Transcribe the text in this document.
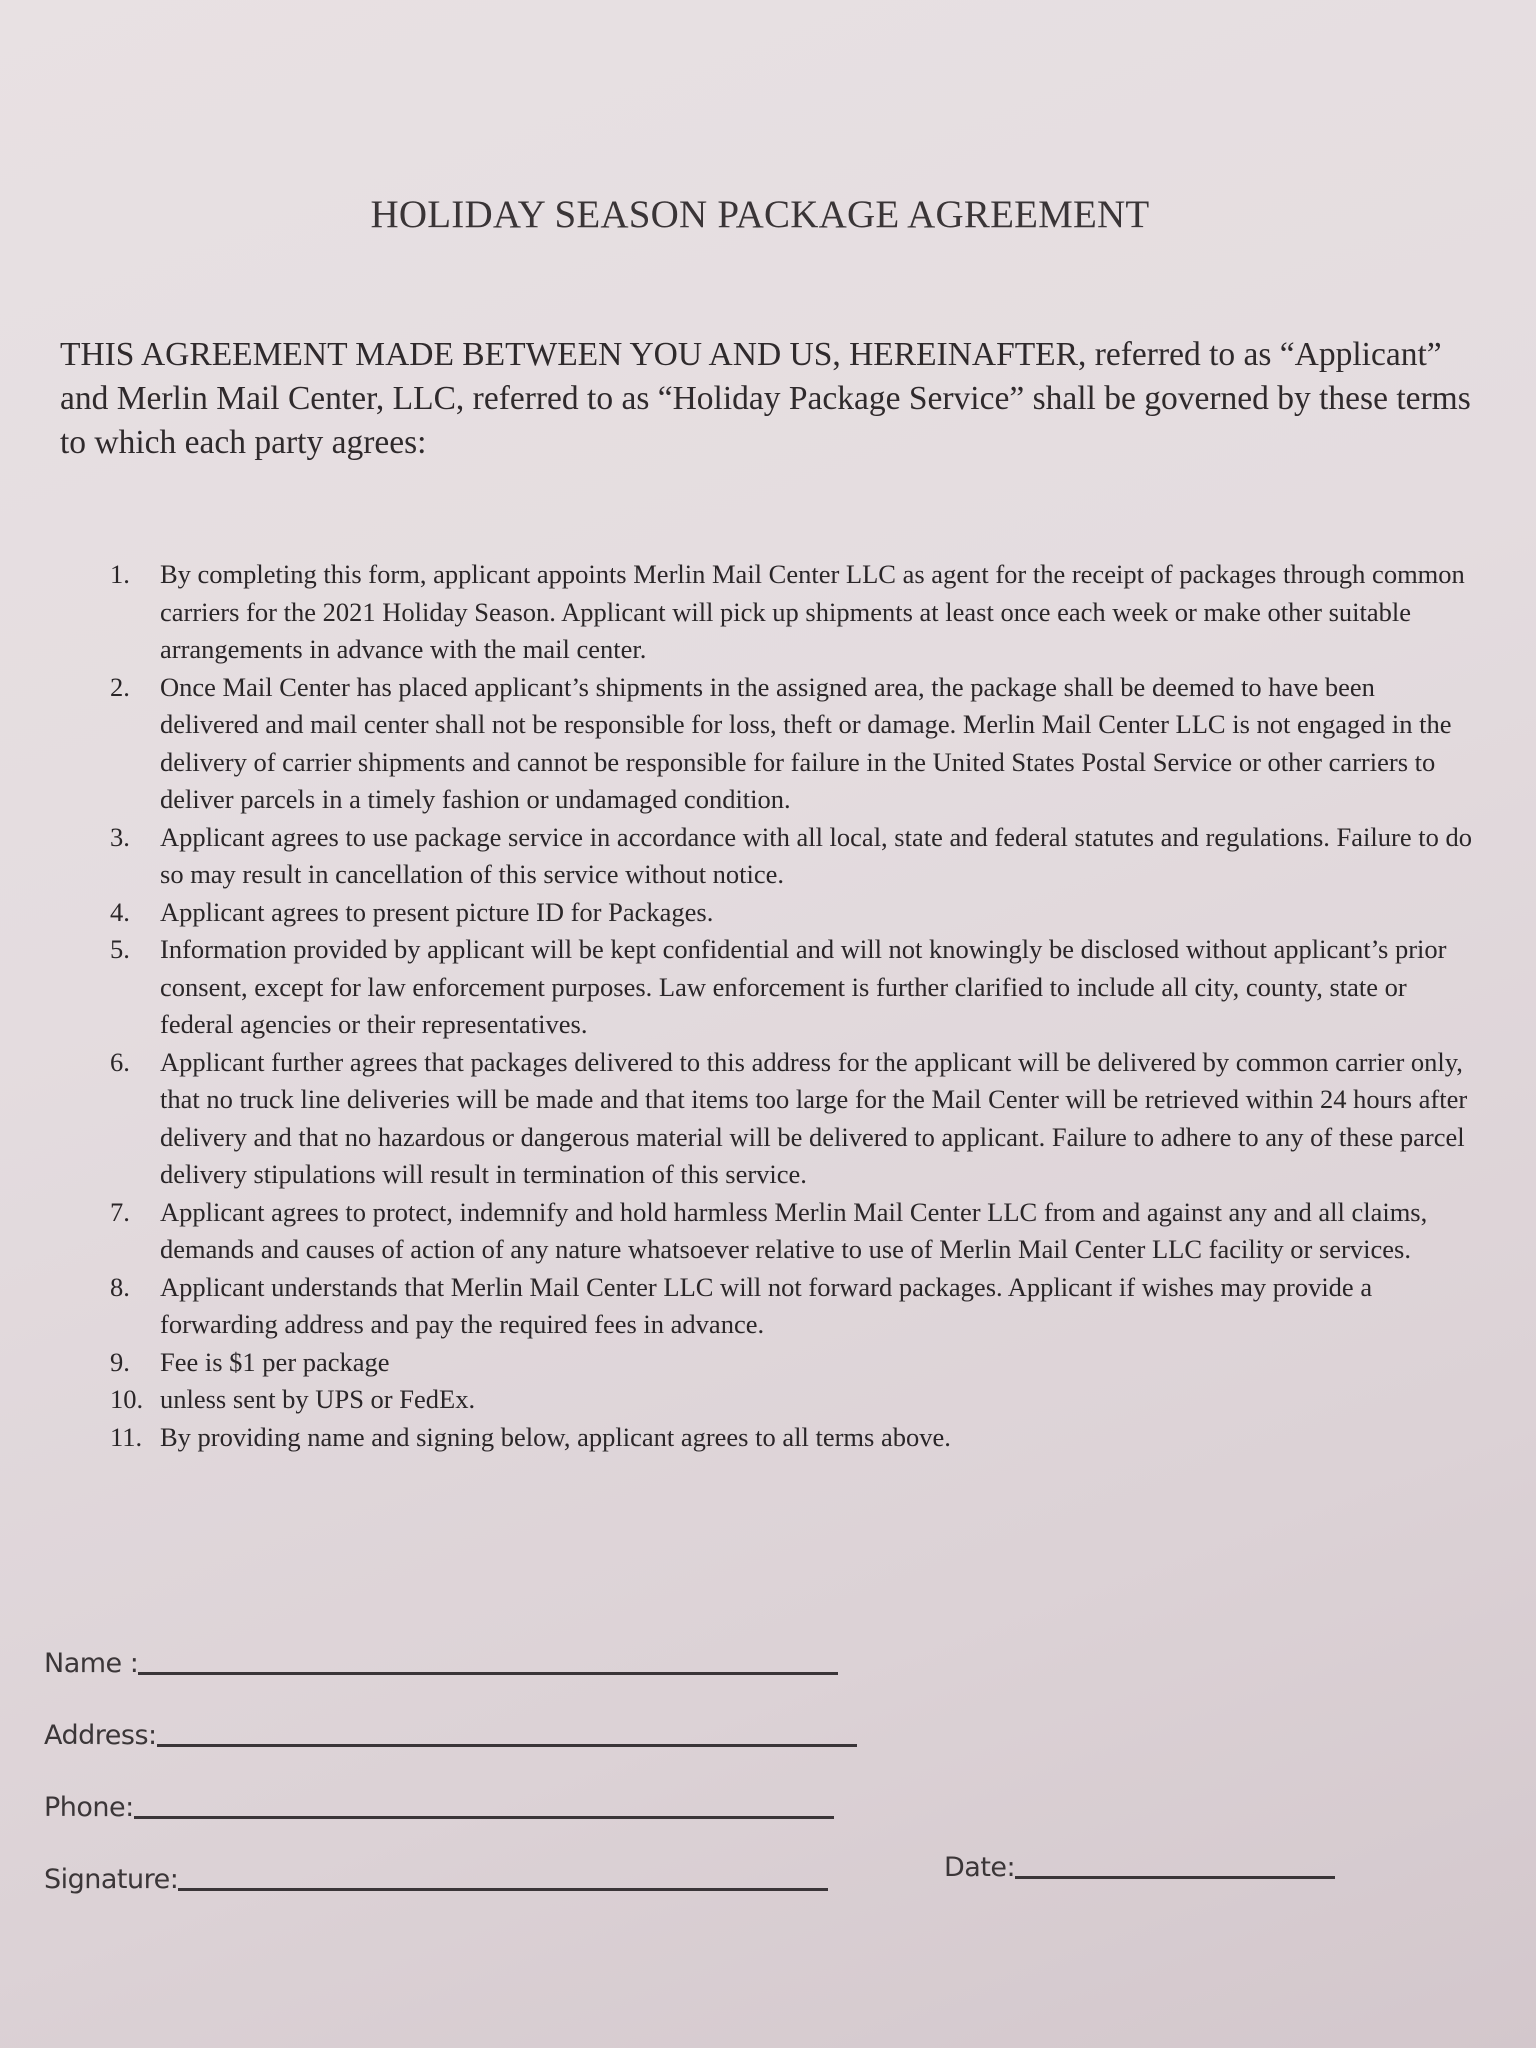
HOLIDAY SEASON PACKAGE AGREEMENT
THIS AGREEMENT MADE BETWEEN YOU AND US, HEREINAFTER, referred to as “Applicant” and Merlin Mail Center, LLC, referred to as “Holiday Package Service” shall be governed by these terms to which each party agrees:
1.	By completing this form, applicant appoints Merlin Mail Center LLC as agent for the receipt of packages through common carriers for the 2021 Holiday Season. Applicant will pick up shipments at least once each week or make other suitable arrangements in advance with the mail center.
2.	Once Mail Center has placed applicant’s shipments in the assigned area, the package shall be deemed to have been delivered and mail center shall not be responsible for loss, theft or damage. Merlin Mail Center LLC is not engaged in the delivery of carrier shipments and cannot be responsible for failure in the United States Postal Service or other carriers to deliver parcels in a timely fashion or undamaged condition.
3.	Applicant agrees to use package service in accordance with all local, state and federal statutes and regulations. Failure to do so may result in cancellation of this service without notice.
4.	Applicant agrees to present picture ID for Packages.
5.	Information provided by applicant will be kept confidential and will not knowingly be disclosed without applicant’s prior consent, except for law enforcement purposes. Law enforcement is further clarified to include all city, county, state or federal agencies or their representatives.
6.	Applicant further agrees that packages delivered to this address for the applicant will be delivered by common carrier only, that no truck line deliveries will be made and that items too large for the Mail Center will be retrieved within 24 hours after delivery and that no hazardous or dangerous material will be delivered to applicant. Failure to adhere to any of these parcel delivery stipulations will result in termination of this service.
7.	Applicant agrees to protect, indemnify and hold harmless Merlin Mail Center LLC from and against any and all claims, demands and causes of action of any nature whatsoever relative to use of Merlin Mail Center LLC facility or services.
8.	Applicant understands that Merlin Mail Center LLC will not forward packages. Applicant if wishes may provide a forwarding address and pay the required fees in advance.
9.	Fee is $1 per package
10. unless sent by UPS or FedEx.
11. By providing name and signing below, applicant agrees to all terms above.
Name :
Address:
Phone:
Signature:	Date:
